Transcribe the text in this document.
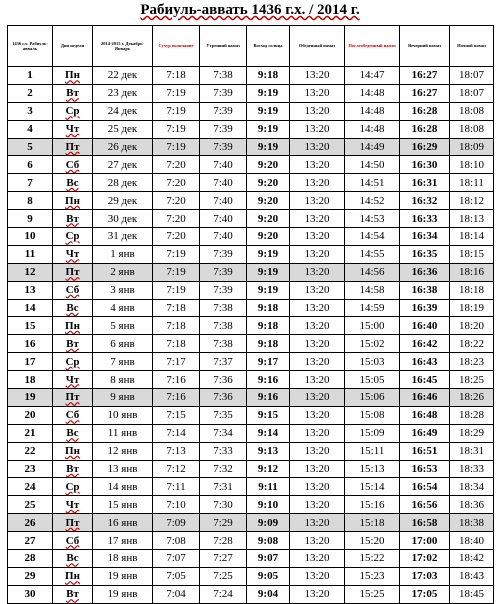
Рабиуль-аввать 1436 г.х. / 2014 г.
1436 г.х. Рабиуль-авваль	Дни недели	2014-2015 г. Декабрь-Январь	Сухур окончание	Утренний намаз	Восход солнца	Обеденный намаз	Послеобеденный намаз	Вечерний намаз	Ночной намаз
1	Пн	22 дек	7:18	7:38	9:18	13:20	14:47	16:27	18:07
2	Вт	23 дек	7:19	7:39	9:19	13:20	14:48	16:27	18:07
3	Ср	24 дек	7:19	7:39	9:19	13:20	14:48	16:28	18:08
4	Чт	25 дек	7:19	7:39	9:19	13:20	14:48	16:28	18:08
5	Пт	26 дек	7:19	7:39	9:19	13:20	14:49	16:29	18:09
6	Сб	27 дек	7:20	7:40	9:20	13:20	14:50	16:30	18:10
7	Вс	28 дек	7:20	7:40	9:20	13:20	14:51	16:31	18:11
8	Пн	29 дек	7:20	7:40	9:20	13:20	14:52	16:32	18:12
9	Вт	30 дек	7:20	7:40	9:20	13:20	14:53	16:33	18:13
10	Ср	31 дек	7:20	7:40	9:20	13:20	14:54	16:34	18:14
11	Чт	1 янв	7:19	7:39	9:19	13:20	14:55	16:35	18:15
12	Пт	2 янв	7:19	7:39	9:19	13:20	14:56	16:36	18:16
13	Сб	3 янв	7:19	7:39	9:19	13:20	14:58	16:38	18:18
14	Вс	4 янв	7:18	7:38	9:18	13:20	14:59	16:39	18:19
15	Пн	5 янв	7:18	7:38	9:18	13:20	15:00	16:40	18:20
16	Вт	6 янв	7:18	7:38	9:18	13:20	15:02	16:42	18:22
17	Ср	7 янв	7:17	7:37	9:17	13:20	15:03	16:43	18:23
18	Чт	8 янв	7:16	7:36	9:16	13:20	15:05	16:45	18:25
19	Пт	9 янв	7:16	7:36	9:16	13:20	15:06	16:46	18:26
20	Сб	10 янв	7:15	7:35	9:15	13:20	15:08	16:48	18:28
21	Вс	11 янв	7:14	7:34	9:14	13:20	15:09	16:49	18:29
22	Пн	12 янв	7:13	7:33	9:13	13:20	15:11	16:51	18:31
23	Вт	13 янв	7:12	7:32	9:12	13:20	15:13	16:53	18:33
24	Ср	14 янв	7:11	7:31	9:11	13:20	15:14	16:54	18:34
25	Чт	15 янв	7:10	7:30	9:10	13:20	15:16	16:56	18:36
26	Пт	16 янв	7:09	7:29	9:09	13:20	15:18	16:58	18:38
27	Сб	17 янв	7:08	7:28	9:08	13:20	15:20	17:00	18:40
28	Вс	18 янв	7:07	7:27	9:07	13:20	15:22	17:02	18:42
29	Пн	19 янв	7:05	7:25	9:05	13:20	15:23	17:03	18:43
30	Вт	19 янв	7:04	7:24	9:04	13:20	15:25	17:05	18:45
